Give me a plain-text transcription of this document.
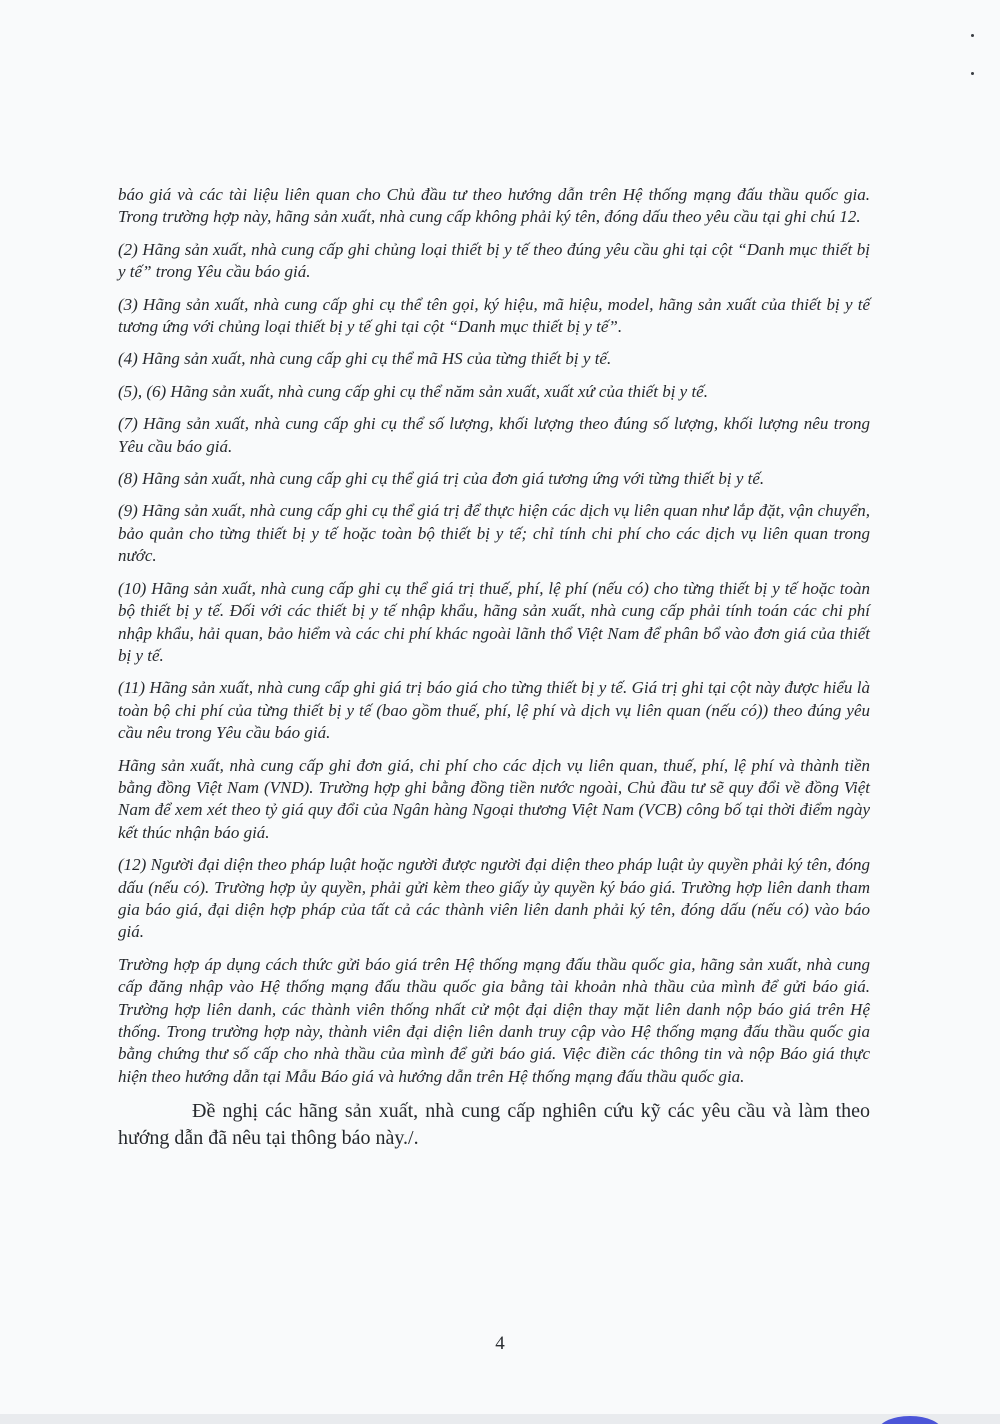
báo giá và các tài liệu liên quan cho Chủ đầu tư theo hướng dẫn trên Hệ thống mạng đấu thầu quốc gia. Trong trường hợp này, hãng sản xuất, nhà cung cấp không phải ký tên, đóng dấu theo yêu cầu tại ghi chú 12.

(2) Hãng sản xuất, nhà cung cấp ghi chủng loại thiết bị y tế theo đúng yêu cầu ghi tại cột “Danh mục thiết bị y tế” trong Yêu cầu báo giá.

(3) Hãng sản xuất, nhà cung cấp ghi cụ thể tên gọi, ký hiệu, mã hiệu, model, hãng sản xuất của thiết bị y tế tương ứng với chủng loại thiết bị y tế ghi tại cột “Danh mục thiết bị y tế”.

(4) Hãng sản xuất, nhà cung cấp ghi cụ thể mã HS của từng thiết bị y tế.

(5), (6) Hãng sản xuất, nhà cung cấp ghi cụ thể năm sản xuất, xuất xứ của thiết bị y tế.

(7) Hãng sản xuất, nhà cung cấp ghi cụ thể số lượng, khối lượng theo đúng số lượng, khối lượng nêu trong Yêu cầu báo giá.

(8) Hãng sản xuất, nhà cung cấp ghi cụ thể giá trị của đơn giá tương ứng với từng thiết bị y tế.

(9) Hãng sản xuất, nhà cung cấp ghi cụ thể giá trị để thực hiện các dịch vụ liên quan như lắp đặt, vận chuyển, bảo quản cho từng thiết bị y tế hoặc toàn bộ thiết bị y tế; chỉ tính chi phí cho các dịch vụ liên quan trong nước.

(10) Hãng sản xuất, nhà cung cấp ghi cụ thể giá trị thuế, phí, lệ phí (nếu có) cho từng thiết bị y tế hoặc toàn bộ thiết bị y tế. Đối với các thiết bị y tế nhập khẩu, hãng sản xuất, nhà cung cấp phải tính toán các chi phí nhập khẩu, hải quan, bảo hiểm và các chi phí khác ngoài lãnh thổ Việt Nam để phân bổ vào đơn giá của thiết bị y tế.

(11) Hãng sản xuất, nhà cung cấp ghi giá trị báo giá cho từng thiết bị y tế. Giá trị ghi tại cột này được hiểu là toàn bộ chi phí của từng thiết bị y tế (bao gồm thuế, phí, lệ phí và dịch vụ liên quan (nếu có)) theo đúng yêu cầu nêu trong Yêu cầu báo giá.

Hãng sản xuất, nhà cung cấp ghi đơn giá, chi phí cho các dịch vụ liên quan, thuế, phí, lệ phí và thành tiền bằng đồng Việt Nam (VND). Trường hợp ghi bằng đồng tiền nước ngoài, Chủ đầu tư sẽ quy đổi về đồng Việt Nam để xem xét theo tỷ giá quy đổi của Ngân hàng Ngoại thương Việt Nam (VCB) công bố tại thời điểm ngày kết thúc nhận báo giá.

(12) Người đại diện theo pháp luật hoặc người được người đại diện theo pháp luật ủy quyền phải ký tên, đóng dấu (nếu có). Trường hợp ủy quyền, phải gửi kèm theo giấy ủy quyền ký báo giá. Trường hợp liên danh tham gia báo giá, đại diện hợp pháp của tất cả các thành viên liên danh phải ký tên, đóng dấu (nếu có) vào báo giá.

Trường hợp áp dụng cách thức gửi báo giá trên Hệ thống mạng đấu thầu quốc gia, hãng sản xuất, nhà cung cấp đăng nhập vào Hệ thống mạng đấu thầu quốc gia bằng tài khoản nhà thầu của mình để gửi báo giá. Trường hợp liên danh, các thành viên thống nhất cử một đại diện thay mặt liên danh nộp báo giá trên Hệ thống. Trong trường hợp này, thành viên đại diện liên danh truy cập vào Hệ thống mạng đấu thầu quốc gia bằng chứng thư số cấp cho nhà thầu của mình để gửi báo giá. Việc điền các thông tin và nộp Báo giá thực hiện theo hướng dẫn tại Mẫu Báo giá và hướng dẫn trên Hệ thống mạng đấu thầu quốc gia.

Đề nghị các hãng sản xuất, nhà cung cấp nghiên cứu kỹ các yêu cầu và làm theo hướng dẫn đã nêu tại thông báo này./.

4
